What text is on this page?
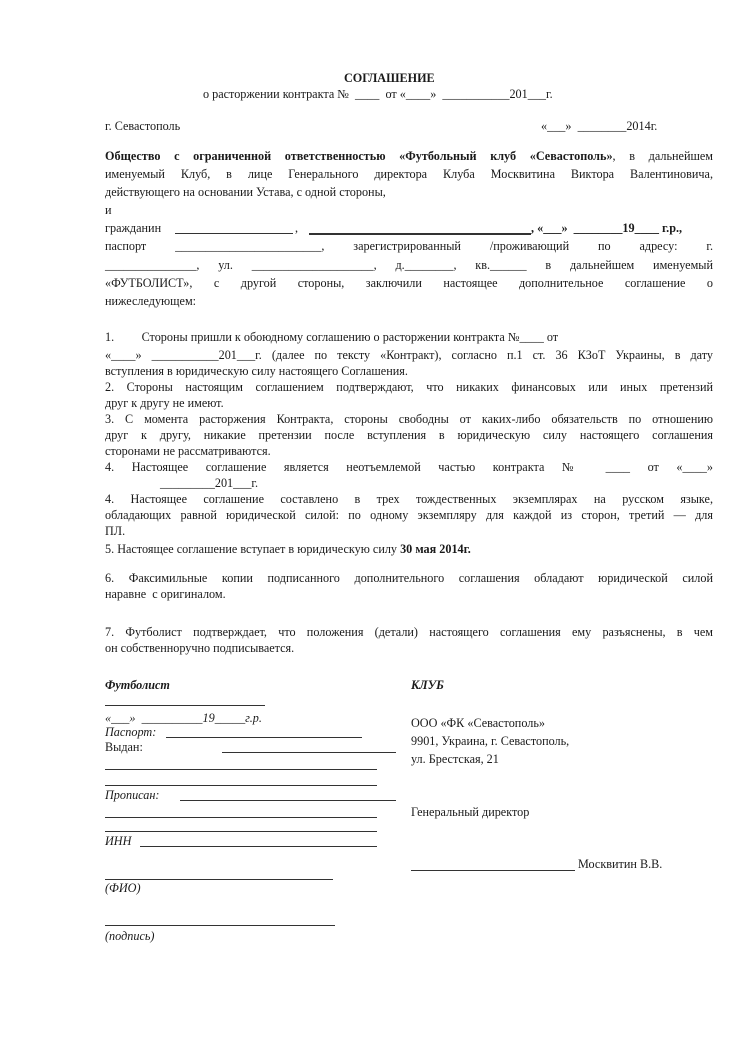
СОГЛАШЕНИЕ
о расторжении контракта №  ____  от «____»  ___________201___г.
г. Севастополь	«___»  ________2014г.
Общество с ограниченной ответственностью «Футбольный клуб «Севастополь», в дальнейшем
именуемый Клуб, в лице Генерального директора Клуба Москвитина Виктора Валентиновича,
действующего на основании Устава, с одной стороны,
и
гражданин	,	, «___»  ________19____ г.р.,
паспорт ________________________, зарегистрированный /проживающий по адресу: г.
_______________, ул. ____________________, д.________, кв.______ в дальнейшем именуемый
«ФУТБОЛИСТ», с другой стороны, заключили настоящее дополнительное соглашение о
нижеследующем:
1.         Стороны пришли к обоюдному соглашению о расторжении контракта №____ от
«____» ___________201___г. (далее по тексту «Контракт), согласно п.1 ст. 36 КЗоТ Украины, в дату
вступления в юридическую силу настоящего Соглашения.
2. Стороны настоящим соглашением подтверждают, что никаких финансовых или иных претензий
друг к другу не имеют.
3. С момента расторжения Контракта, стороны свободны от каких-либо обязательств по отношению
друг к другу, никакие претензии после вступления в юридическую силу настоящего соглашения
сторонами не рассматриваются.
4. Настоящее соглашение является неотъемлемой частью контракта № ____ от «____»
_________201___г.
4. Настоящее соглашение составлено в трех тождественных экземплярах на русском языке,
обладающих равной юридической силой: по одному экземпляру для каждой из сторон, третий — для
ПЛ.
5. Настоящее соглашение вступает в юридическую силу 30 мая 2014г.
6. Факсимильные копии подписанного дополнительного соглашения обладают юридической силой
наравне  с оригиналом.
7. Футболист подтверждает, что положения (детали) настоящего соглашения ему разъяснены, в чем
он собственноручно подписывается.
Футболист
«___»  __________19_____г.р.
Паспорт:
Выдан:
Прописан:
ИНН
(ФИО)
(подпись)
КЛУБ
ООО «ФК «Севастополь»
9901, Украина, г. Севастополь,
ул. Брестская, 21
Генеральный директор
Москвитин В.В.
